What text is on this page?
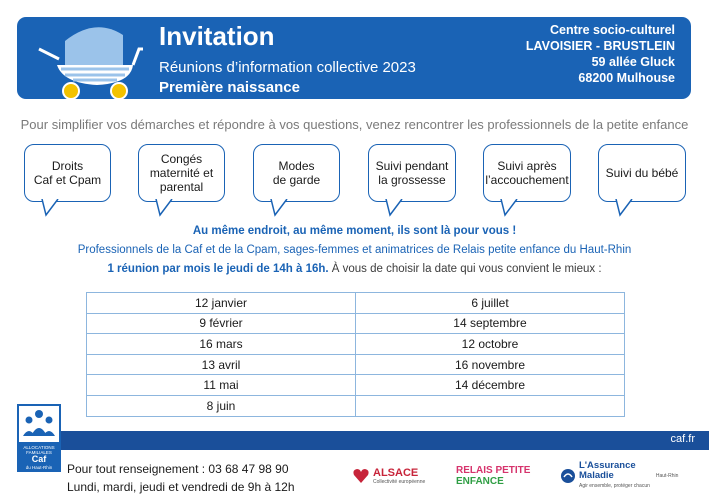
Invitation
Réunions d’information collective 2023
Première naissance
Centre socio-culturel
LAVOISIER - BRUSTLEIN
59 allée Gluck
68200 Mulhouse
Pour simplifier vos démarches et répondre à vos questions, venez rencontrer les professionnels de la petite enfance
Droits
Caf et Cpam
Congés
maternité et
parental
Modes
de garde
Suivi pendant
la grossesse
Suivi après
l’accouchement	Suivi du bébé
Au même endroit, au même moment, ils sont là pour vous !
Professionnels de la Caf et de la Cpam, sages-femmes et animatrices de Relais petite enfance du Haut-Rhin
1 réunion par mois le jeudi de 14h à 16h. À vous de choisir la date qui vous convient le mieux :
12 janvier	6 juillet
9 février	14 septembre
16 mars	12 octobre
13 avril	16 novembre
11 mai	14 décembre
8 juin	
caf.fr
ALLOCATIONS
FAMILIALES
Caf
du Haut-Rhin	Pour tout renseignement : 03 68 47 98 90
Lundi, mardi, jeudi et vendredi de 9h à 12h
ALSACE
Collectivité européenne
RELAIS PETITE
ENFANCE
L'Assurance
Maladie
Agir ensemble, protéger chacun
Haut-Rhin
